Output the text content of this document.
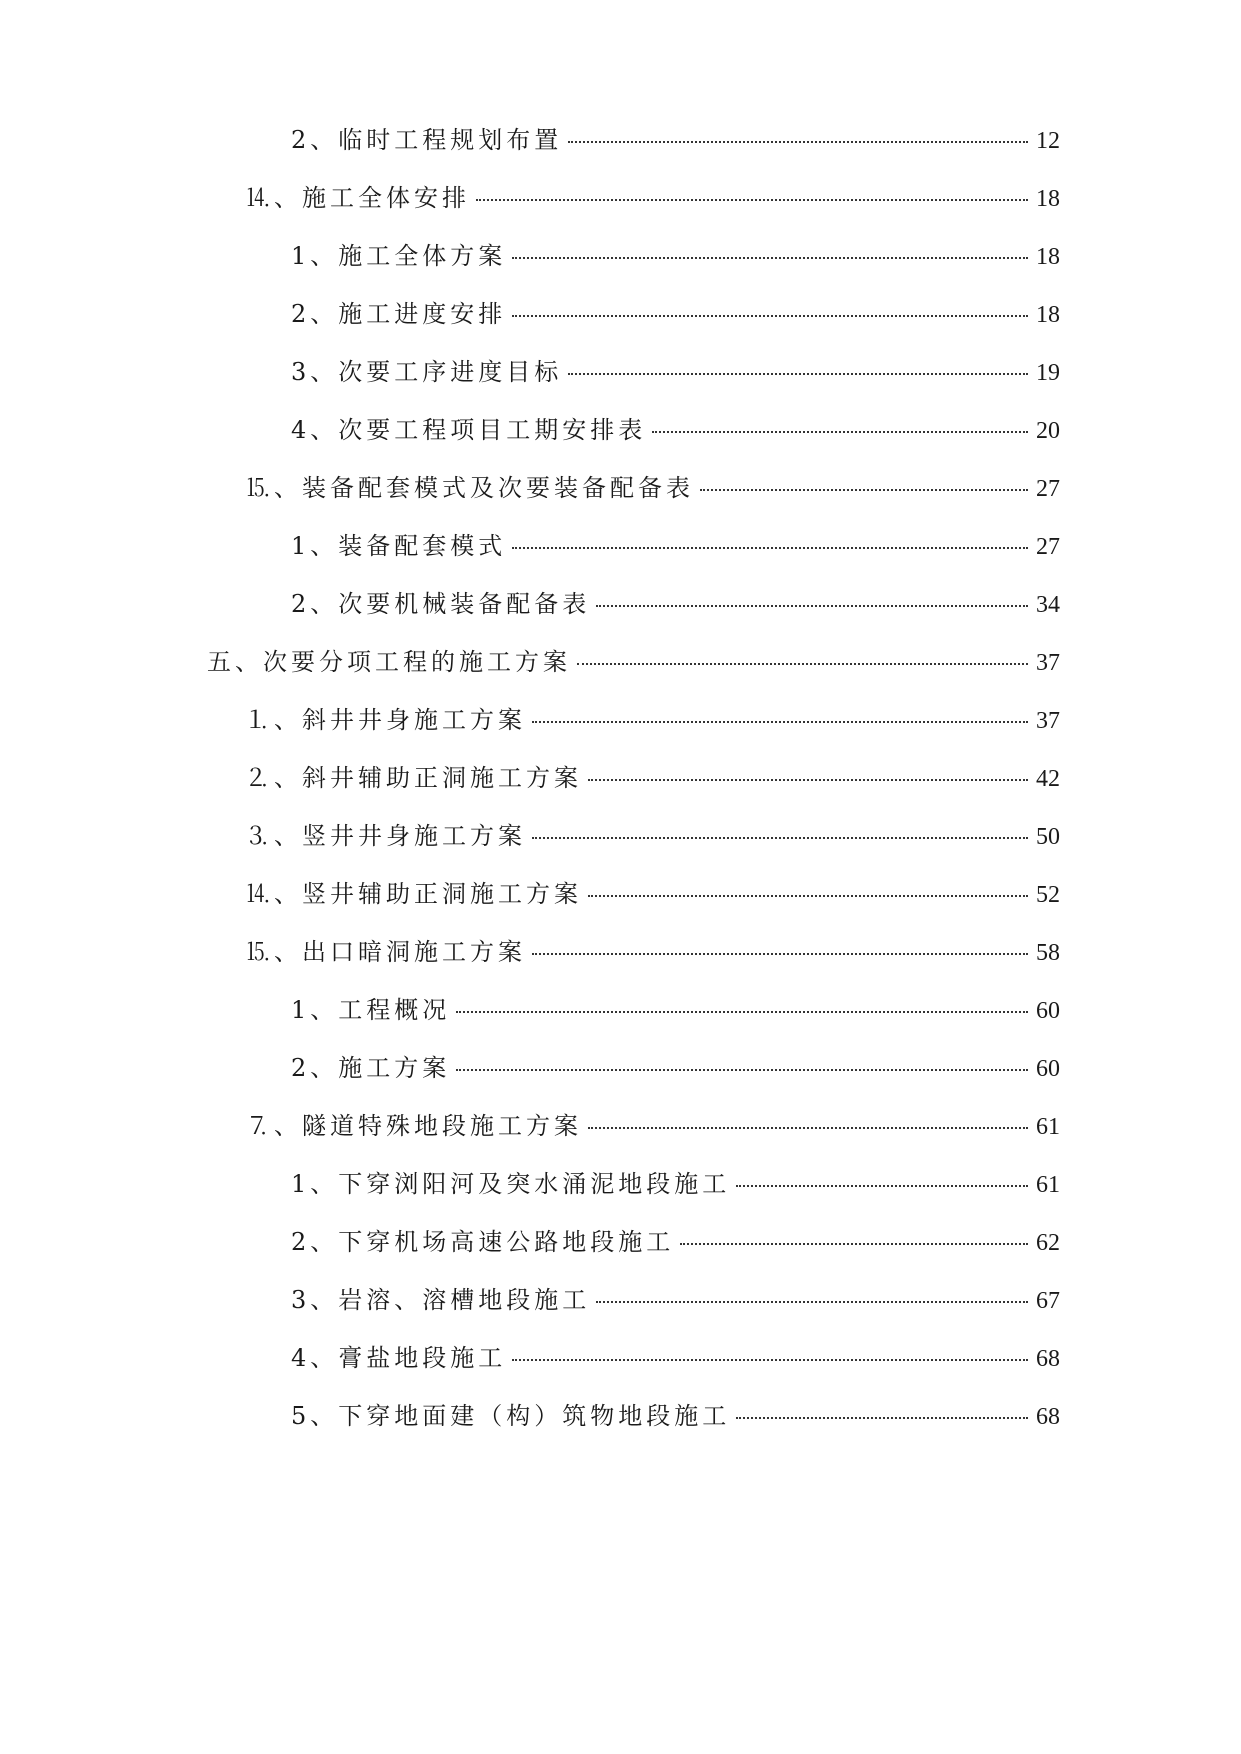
2、临时工程规划布置	12
⒕、施工全体安排	18
1、施工全体方案	18
2、施工进度安排	18
3、次要工序进度目标	19
4、次要工程项目工期安排表	20
⒖、装备配套模式及次要装备配备表	27
1、装备配套模式	27
2、次要机械装备配备表	34
五、次要分项工程的施工方案	37
⒈、斜井井身施工方案	37
⒉、斜井辅助正洞施工方案	42
⒊、竖井井身施工方案	50
⒕、竖井辅助正洞施工方案	52
⒖、出口暗洞施工方案	58
1、工程概况	60
2、施工方案	60
⒎、隧道特殊地段施工方案	61
1、下穿浏阳河及突水涌泥地段施工	61
2、下穿机场高速公路地段施工	62
3、岩溶、溶槽地段施工	67
4、膏盐地段施工	68
5、下穿地面建（构）筑物地段施工	68
